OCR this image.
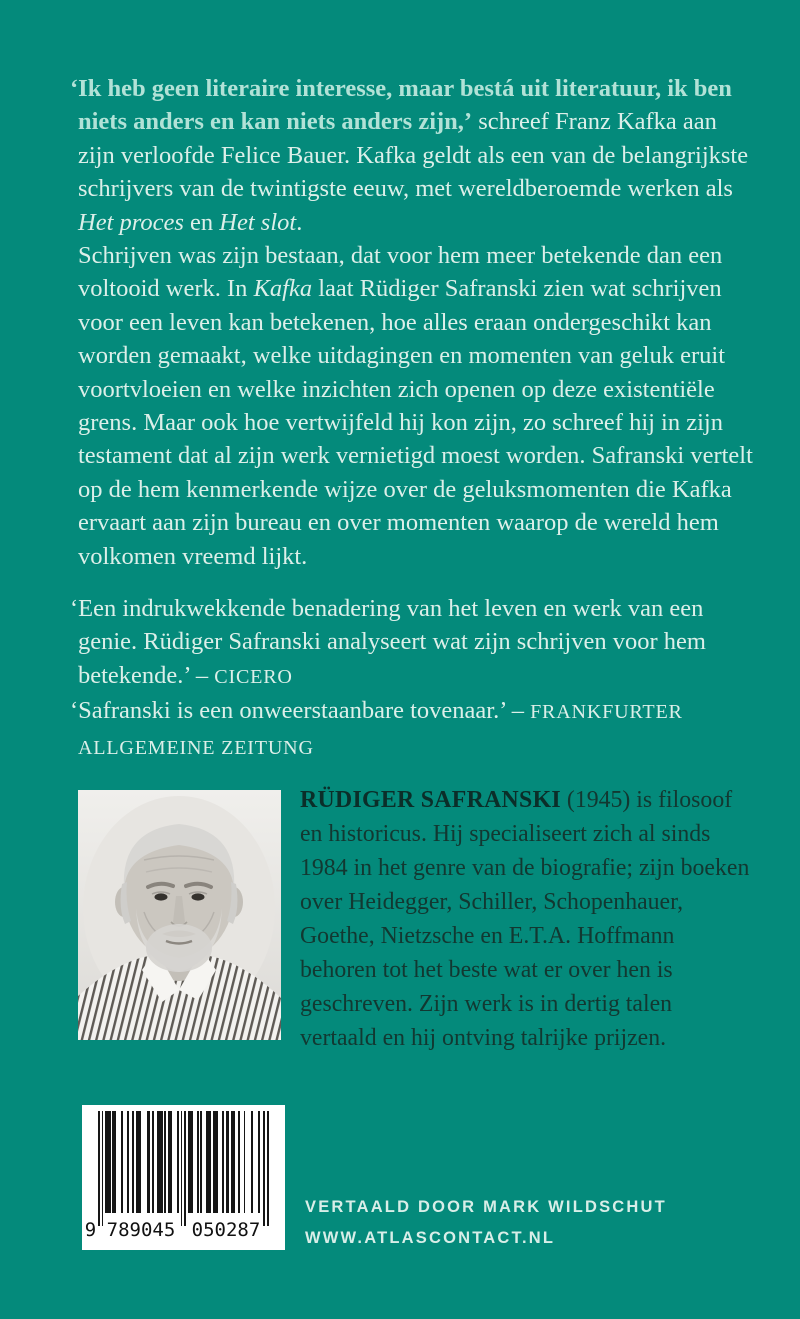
‘Ik heb geen literaire interesse, maar bestá uit literatuur, ik ben niets anders en kan niets anders zijn,’ schreef Franz Kafka aan zijn verloofde Felice Bauer. Kafka geldt als een van de belangrijkste schrijvers van de twintigste eeuw, met wereldberoemde werken als Het proces en Het slot.

Schrijven was zijn bestaan, dat voor hem meer betekende dan een voltooid werk. In Kafka laat Rüdiger Safranski zien wat schrijven voor een leven kan betekenen, hoe alles eraan ondergeschikt kan worden gemaakt, welke uitdagingen en momenten van geluk eruit voortvloeien en welke inzichten zich openen op deze existentiële grens. Maar ook hoe vertwijfeld hij kon zijn, zo schreef hij in zijn testament dat al zijn werk vernietigd moest worden. Safranski vertelt op de hem kenmerkende wijze over de geluksmomenten die Kafka ervaart aan zijn bureau en over momenten waarop de wereld hem volkomen vreemd lijkt.

‘Een indrukwekkende benadering van het leven en werk van een genie. Rüdiger Safranski analyseert wat zijn schrijven voor hem betekende.’ – CICERO

‘Safranski is een onweerstaanbare tovenaar.’ – FRANKFURTER ALLGEMEINE ZEITUNG

RÜDIGER SAFRANSKI (1945) is filosoof en historicus. Hij specialiseert zich al sinds 1984 in het genre van de biografie; zijn boeken over Heidegger, Schiller, Schopenhauer, Goethe, Nietzsche en E.T.A. Hoffmann behoren tot het beste wat er over hen is geschreven. Zijn werk is in dertig talen vertaald en hij ontving talrijke prijzen.

9 789045 050287
VERTAALD DOOR MARK WILDSCHUT
WWW.ATLASCONTACT.NL
